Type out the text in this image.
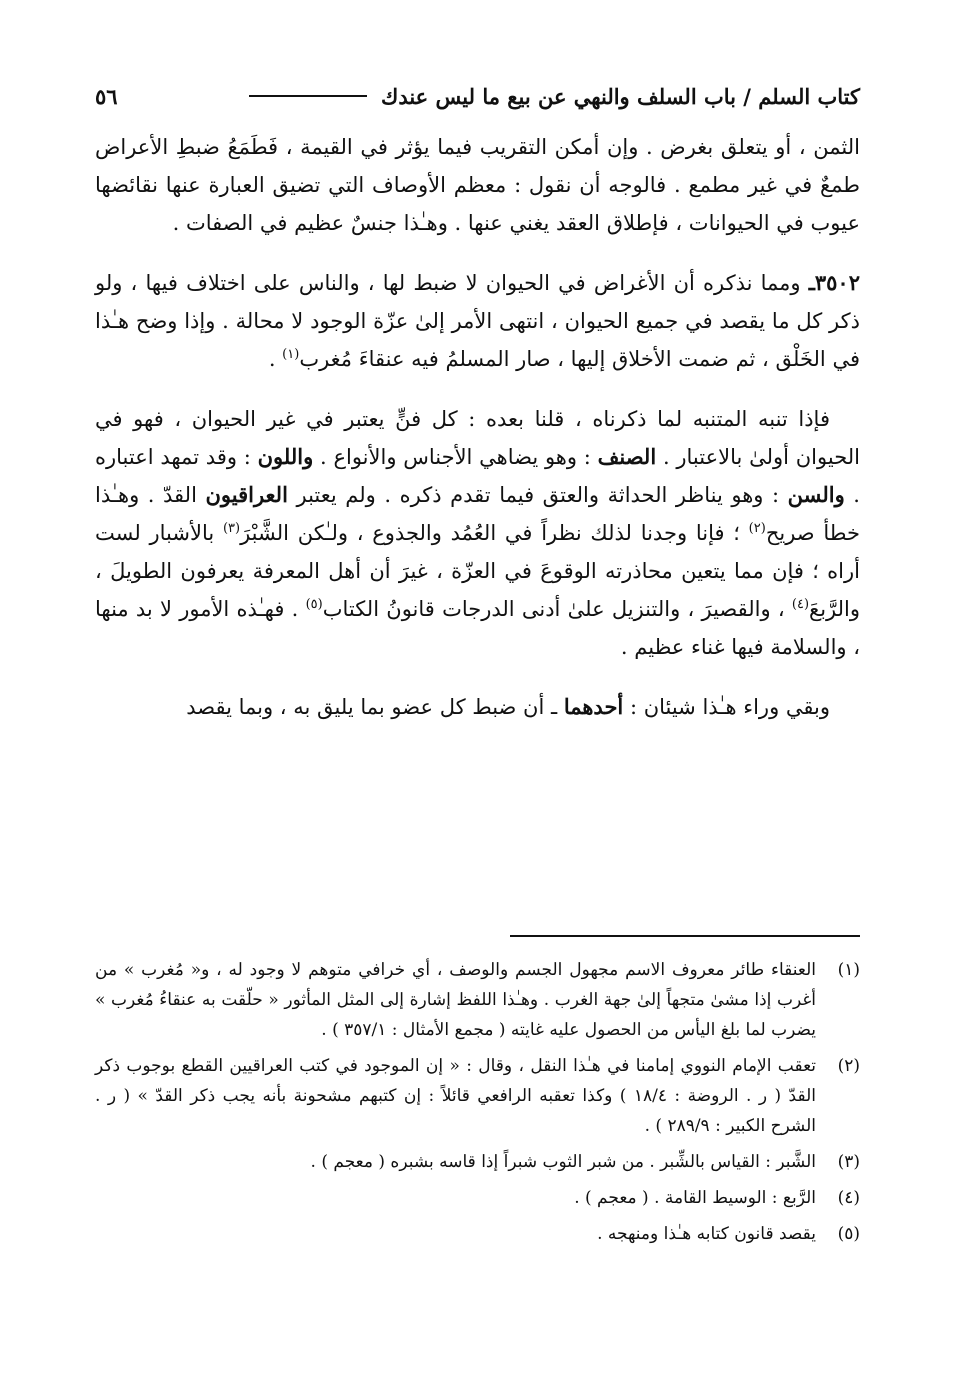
كتاب السلم / باب السلف والنهي عن بيع ما ليس عندك
٥٦

الثمن ، أو يتعلق بغرض . وإن أمكن التقريب فيما يؤثر في القيمة ، فَطَمَعُ ضبطِ الأعراض طمعٌ في غير مطمع . فالوجه أن نقول : معظم الأوصاف التي تضيق العبارة عنها نقائضها عيوب في الحيوانات ، فإطلاق العقد يغني عنها . وهـٰذا جنسٌ عظيم في الصفات .

٣٥٠٢ـ ومما نذكره أن الأغراض في الحيوان لا ضبط لها ، والناس على اختلاف فيها ، ولو ذكر كل ما يقصد في جميع الحيوان ، انتهى الأمر إلىٰ عزّة الوجود لا محالة . وإذا وضح هـٰذا في الخَلْق ، ثم ضمت الأخلاق إليها ، صار المسلمُ فيه عنقاءَ مُغرب$^{(١)}$ .

فإذا تنبه المتنبه لما ذكرناه ، قلنا بعده : كل فنٍّ يعتبر في غير الحيوان ، فهو في الحيوان أولىٰ بالاعتبار . الصنف : وهو يضاهي الأجناس والأنواع . واللون : وقد تمهد اعتباره . والسن : وهو يناظر الحداثة والعتق فيما تقدم ذكره . ولم يعتبر العراقيون القدّ . وهـٰذا خطأ صريح$^{(٢)}$ ؛ فإنا وجدنا لذلك نظراً في العُمُد والجذوع ، ولـٰكن الشَّبْرَ$^{(٣)}$ بالأشبار لست أراه ؛ فإن مما يتعين محاذرته الوقوعَ في العزّة ، غيرَ أن أهل المعرفة يعرفون الطويلَ ، والرَّبعَ$^{(٤)}$ ، والقصيرَ ، والتنزيل علىٰ أدنى الدرجات قانونُ الكتاب$^{(٥)}$ . فهـٰذه الأمور لا بد منها ، والسلامة فيها غناء عظيم .

وبقي وراء هـٰذا شيئان : أحدهما ـ أن ضبط كل عضو بما يليق به ، وبما يقصد

(١)
العنقاء طائر معروف الاسم مجهول الجسم والوصف ، أي خرافي متوهم لا وجود له ، و« مُغرب » من أغرب إذا مشىٰ متجهاً إلىٰ جهة الغرب . وهـٰذا اللفظ إشارة إلى المثل المأثور « حلّقت به عنقاءُ مُغرب » يضرب لما بلغ اليأس من الحصول عليه غايته ( مجمع الأمثال : ٣٥٧/١ ) .
(٢)
تعقب الإمام النووي إمامنا في هـٰذا النقل ، وقال : « إن الموجود في كتب العراقيين القطع بوجوب ذكر القدّ ( ر . الروضة : ١٨/٤ ) وكذا تعقبه الرافعي قائلاً : إن كتبهم مشحونة بأنه يجب ذكر القدّ » ( ر . الشرح الكبير : ٢٨٩/٩ ) .
(٣)
الشَّبر : القياس بالشِّبر . من شبر الثوب شبراً إذا قاسه بشبره ( معجم ) .
(٤)
الرَّبع : الوسيط القامة . ( معجم ) .
(٥)
يقصد قانون كتابه هـٰذا ومنهجه .
